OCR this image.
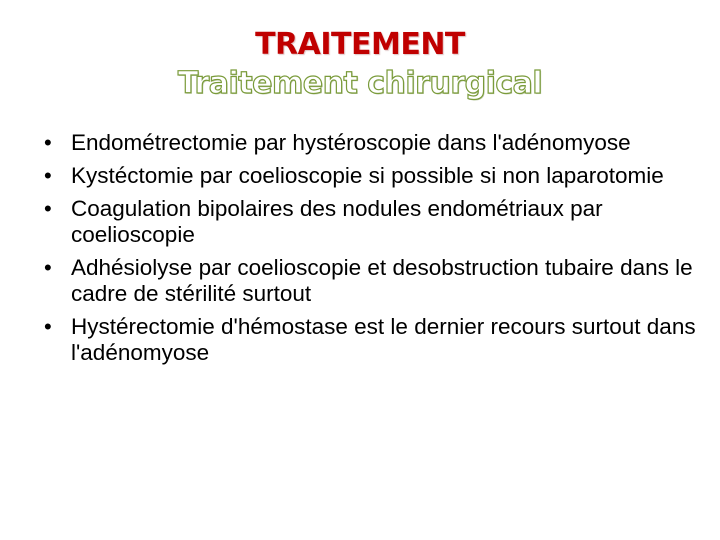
TRAITEMENT
Traitement chirurgical
• Endométrectomie par hystéroscopie dans l'adénomyose
• Kystéctomie par coelioscopie si possible si non laparotomie
• Coagulation bipolaires des nodules endométriaux par coelioscopie
• Adhésiolyse par coelioscopie et desobstruction tubaire dans le cadre de stérilité surtout
• Hystérectomie d'hémostase est le dernier recours surtout dans l'adénomyose
